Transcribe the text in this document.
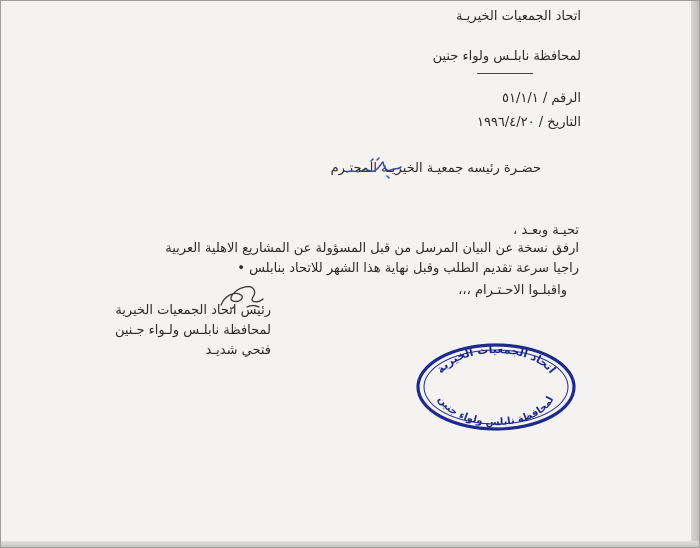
اتحاد الجمعيات الخيريـة
لمحافظة نابلـس ولواء جنين
الرقم / ٥١/١/١
التاريخ / ١٩٩٦/٤/٢٠
حضـرة رئيسه جمعيـة الخيريـة المحتـرم
تحيـة وبعـد ،
ارفق نسخة عن البيان المرسل من قبل المسؤولة عن المشاريع الاهلية العربية
راجيا سرعة تقديم الطلب وقبل نهاية هذا الشهر للاتحاد بنابلس •
واقبلـوا الاحـتـرام ،،،
رئيس اتحاد الجمعيات الخيرية
لمحافظة نابلـس ولـواء جـنين
فتحي شديـد
اتحاد الجمعيات الخيرية
لمحافظة نابلس ولواء جنين
